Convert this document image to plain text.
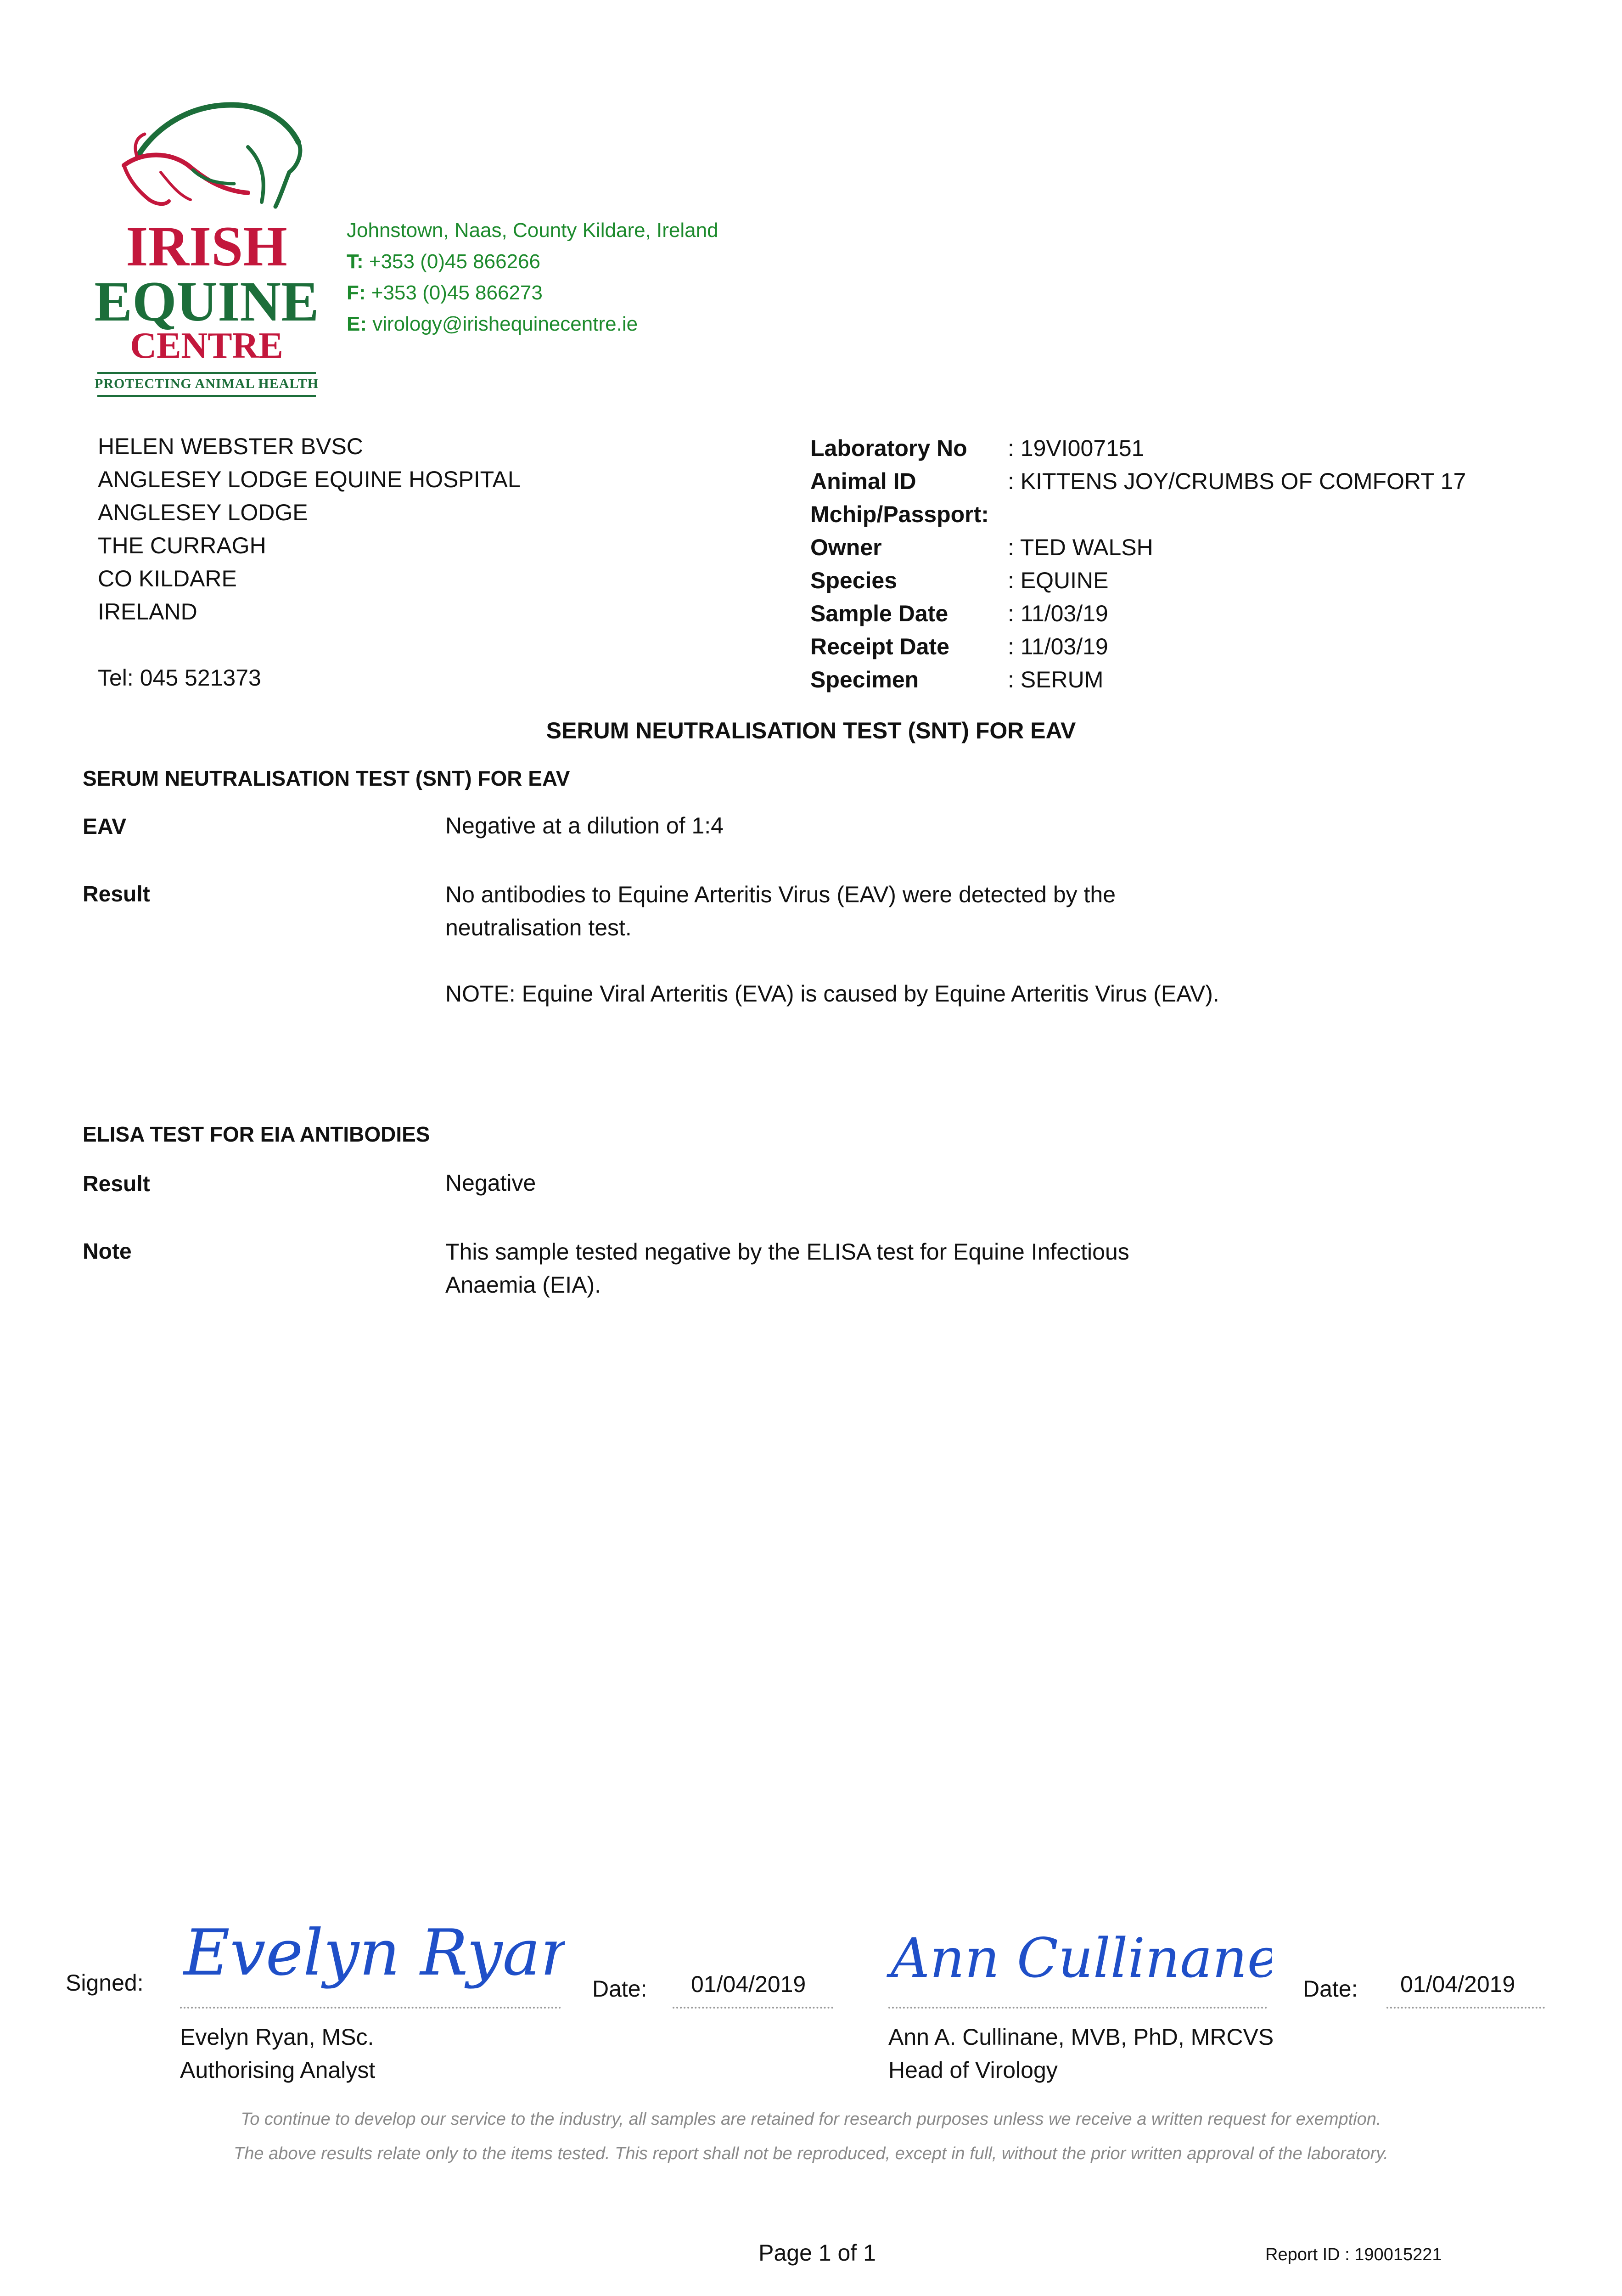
IRISH
EQUINE
CENTRE
PROTECTING ANIMAL HEALTH
Johnstown, Naas, County Kildare, Ireland
T: +353 (0)45 866266
F: +353 (0)45 866273
E: virology@irishequinecentre.ie
HELEN WEBSTER BVSC
ANGLESEY LODGE EQUINE HOSPITAL
ANGLESEY LODGE
THE CURRAGH
CO KILDARE
IRELAND
Tel: 045 521373
Laboratory No : 19VI007151
Animal ID	: KITTENS JOY/CRUMBS OF COMFORT 17
Mchip/Passport:
Owner	: TED WALSH
Species	: EQUINE
Sample Date	: 11/03/19
Receipt Date	: 11/03/19
Specimen	: SERUM
SERUM NEUTRALISATION TEST (SNT) FOR EAV
SERUM NEUTRALISATION TEST (SNT) FOR EAV
EAV	Negative at a dilution of 1:4
Result	No antibodies to Equine Arteritis Virus (EAV) were detected by the neutralisation test.
NOTE: Equine Viral Arteritis (EVA) is caused by Equine Arteritis Virus (EAV).
ELISA TEST FOR EIA ANTIBODIES
Result	Negative
Note	This sample tested negative by the ELISA test for Equine Infectious Anaemia (EIA).
Signed: Evelyn Ryan Date: 01/04/2019
Evelyn Ryan, MSc.
Authorising Analyst
Ann Cullinane Date: 01/04/2019
Ann A. Cullinane, MVB, PhD, MRCVS
Head of Virology
To continue to develop our service to the industry, all samples are retained for research purposes unless we receive a written request for exemption.
The above results relate only to the items tested. This report shall not be reproduced, except in full, without the prior written approval of the laboratory.
Page 1 of 1	Report ID : 190015221
